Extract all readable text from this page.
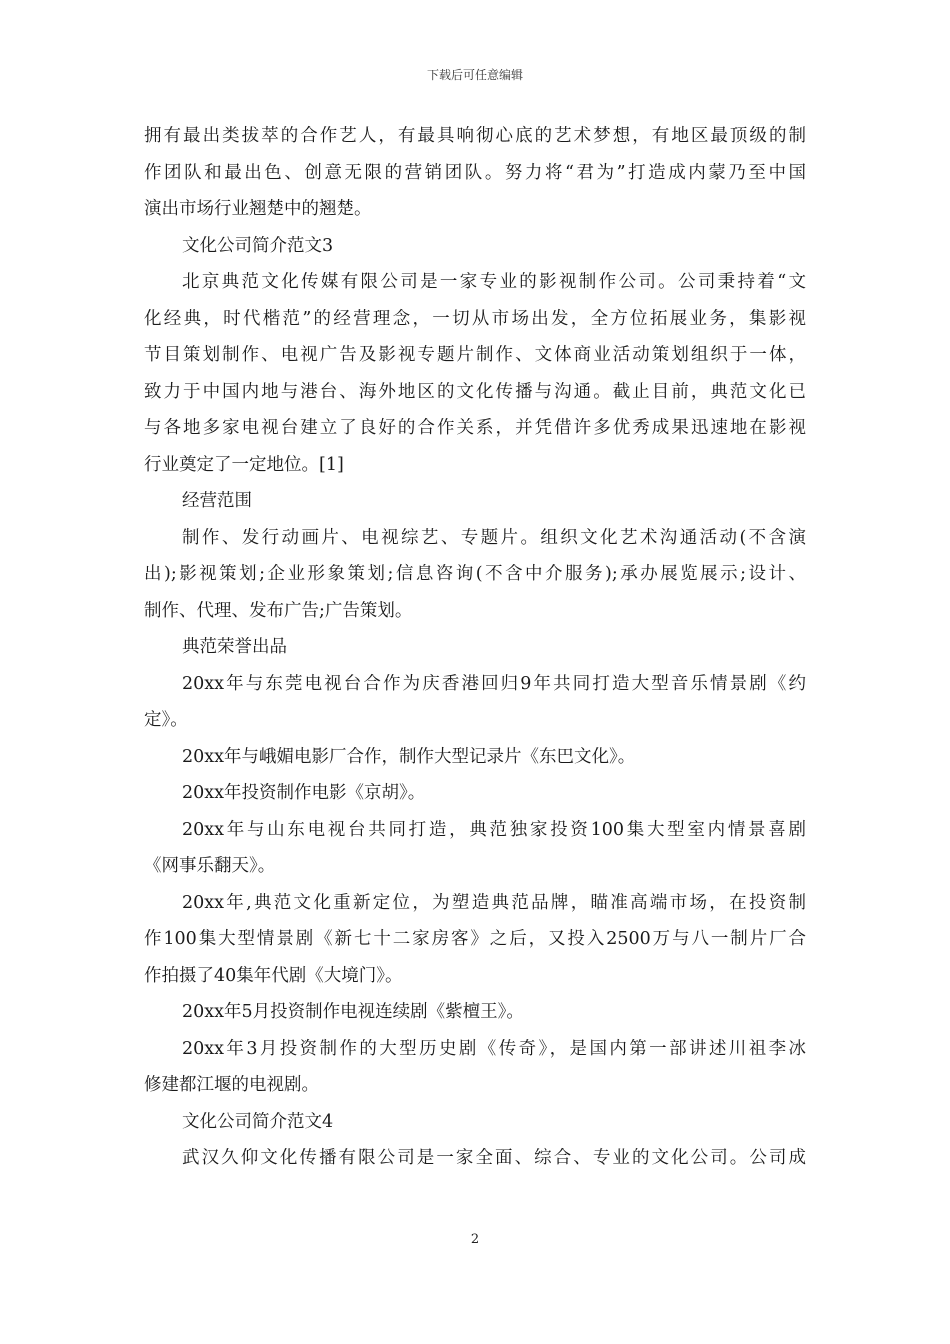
下载后可任意编辑
拥有最出类拔萃的合作艺人，有最具响彻心底的艺术梦想，有地区最顶级的制
作团队和最出色、创意无限的营销团队。努力将“君为”打造成内蒙乃至中国
演出市场行业翘楚中的翘楚。
文化公司简介范文3
北京典范文化传媒有限公司是一家专业的影视制作公司。公司秉持着“文
化经典，时代楷范”的经营理念，一切从市场出发，全方位拓展业务，集影视
节目策划制作、电视广告及影视专题片制作、文体商业活动策划组织于一体，
致力于中国内地与港台、海外地区的文化传播与沟通。截止目前，典范文化已
与各地多家电视台建立了良好的合作关系，并凭借许多优秀成果迅速地在影视
行业奠定了一定地位。[1]
经营范围
制作、发行动画片、电视综艺、专题片。组织文化艺术沟通活动(不含演
出);影视策划;企业形象策划;信息咨询(不含中介服务);承办展览展示;设计、
制作、代理、发布广告;广告策划。
典范荣誉出品
20xx年与东莞电视台合作为庆香港回归9年共同打造大型音乐情景剧《约
定》。
20xx年与峨媚电影厂合作，制作大型记录片《东巴文化》。
20xx年投资制作电影《京胡》。
20xx年与山东电视台共同打造，典范独家投资100集大型室内情景喜剧
《网事乐翻天》。
20xx年,典范文化重新定位，为塑造典范品牌，瞄准高端市场，在投资制
作100集大型情景剧《新七十二家房客》之后，又投入2500万与八一制片厂合
作拍摄了40集年代剧《大境门》。
20xx年5月投资制作电视连续剧《紫檀王》。
20xx年3月投资制作的大型历史剧《传奇》，是国内第一部讲述川祖李冰
修建都江堰的电视剧。
文化公司简介范文4
武汉久仰文化传播有限公司是一家全面、综合、专业的文化公司。公司成
2
